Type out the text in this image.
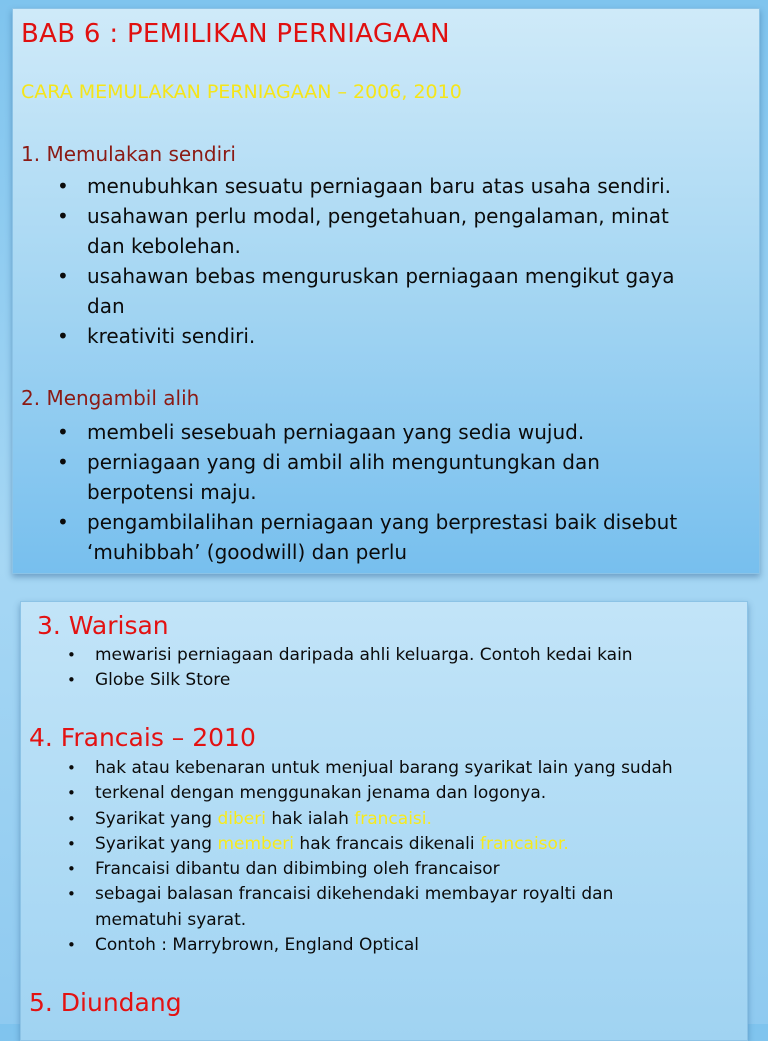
BAB 6 : PEMILIKAN PERNIAGAAN
CARA MEMULAKAN PERNIAGAAN – 2006, 2010
1. Memulakan sendiri
• menubuhkan sesuatu perniagaan baru atas usaha sendiri.
• usahawan perlu modal, pengetahuan, pengalaman, minat
dan kebolehan.
• usahawan bebas menguruskan perniagaan mengikut gaya
dan
• kreativiti sendiri.
2. Mengambil alih
• membeli sesebuah perniagaan yang sedia wujud.
• perniagaan yang di ambil alih menguntungkan dan
berpotensi maju.
• pengambilalihan perniagaan yang berprestasi baik disebut
‘muhibbah’ (goodwill) dan perlu
3. Warisan
• mewarisi perniagaan daripada ahli keluarga. Contoh kedai kain
• Globe Silk Store
4. Francais – 2010
• hak atau kebenaran untuk menjual barang syarikat lain yang sudah
• terkenal dengan menggunakan jenama dan logonya.
• Syarikat yang diberi hak ialah francaisi.
• Syarikat yang memberi hak francais dikenali francaisor.
• Francaisi dibantu dan dibimbing oleh francaisor
• sebagai balasan francaisi dikehendaki membayar royalti dan
mematuhi syarat.
• Contoh : Marrybrown, England Optical
5. Diundang
